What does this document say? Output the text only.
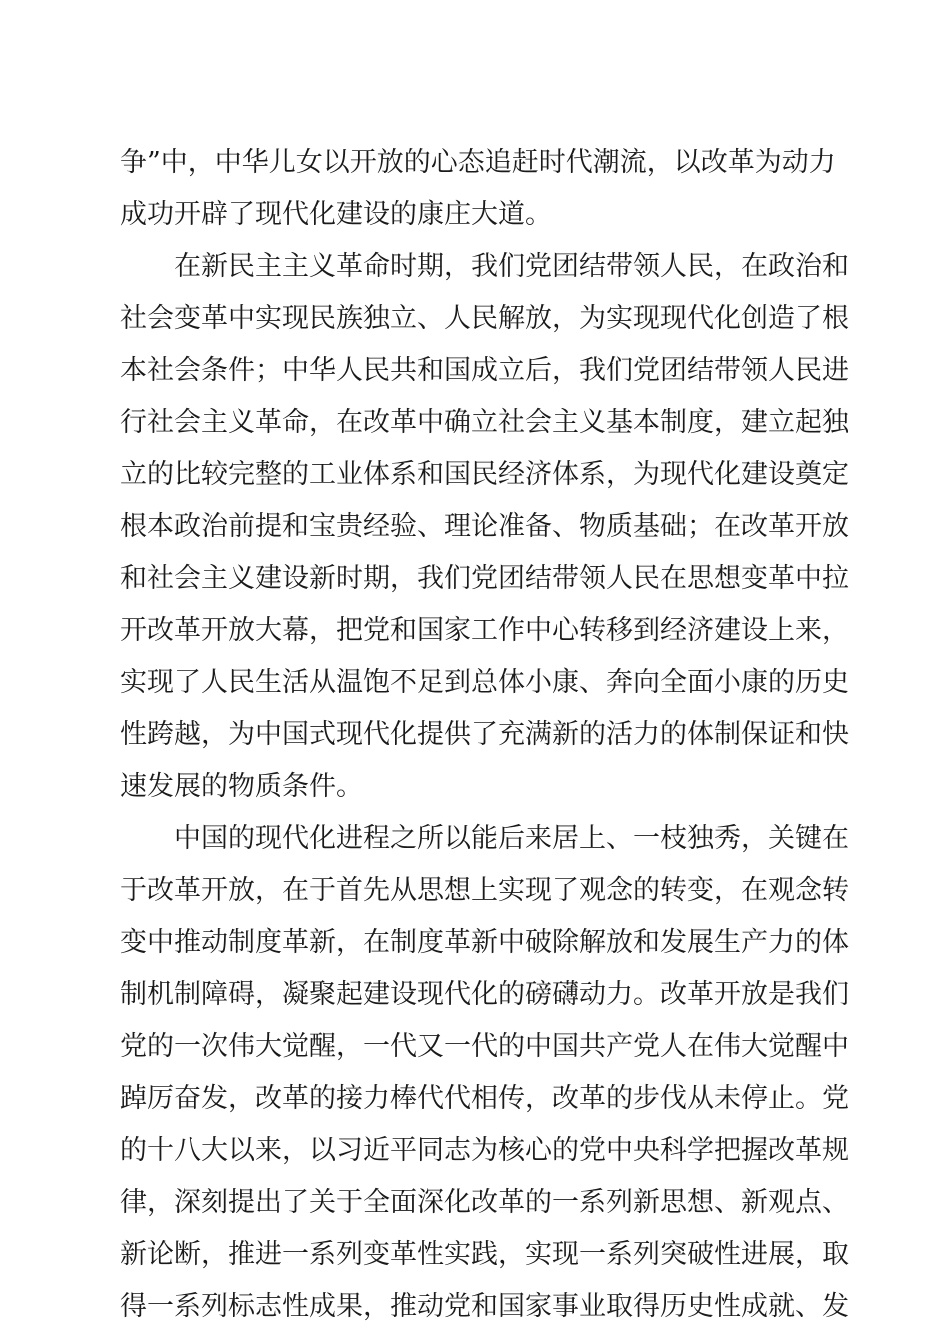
争”中，中华儿女以开放的心态追赶时代潮流，以改革为动力

成功开辟了现代化建设的康庄大道。

在新民主主义革命时期，我们党团结带领人民，在政治和

社会变革中实现民族独立、人民解放，为实现现代化创造了根

本社会条件；中华人民共和国成立后，我们党团结带领人民进

行社会主义革命，在改革中确立社会主义基本制度，建立起独

立的比较完整的工业体系和国民经济体系，为现代化建设奠定

根本政治前提和宝贵经验、理论准备、物质基础；在改革开放

和社会主义建设新时期，我们党团结带领人民在思想变革中拉

开改革开放大幕，把党和国家工作中心转移到经济建设上来，

实现了人民生活从温饱不足到总体小康、奔向全面小康的历史

性跨越，为中国式现代化提供了充满新的活力的体制保证和快

速发展的物质条件。

中国的现代化进程之所以能后来居上、一枝独秀，关键在

于改革开放，在于首先从思想上实现了观念的转变，在观念转

变中推动制度革新，在制度革新中破除解放和发展生产力的体

制机制障碍，凝聚起建设现代化的磅礴动力。改革开放是我们

党的一次伟大觉醒，一代又一代的中国共产党人在伟大觉醒中

踔厉奋发，改革的接力棒代代相传，改革的步伐从未停止。党

的十八大以来，以习近平同志为核心的党中央科学把握改革规

律，深刻提出了关于全面深化改革的一系列新思想、新观点、

新论断，推进一系列变革性实践，实现一系列突破性进展，取

得一系列标志性成果，推动党和国家事业取得历史性成就、发
